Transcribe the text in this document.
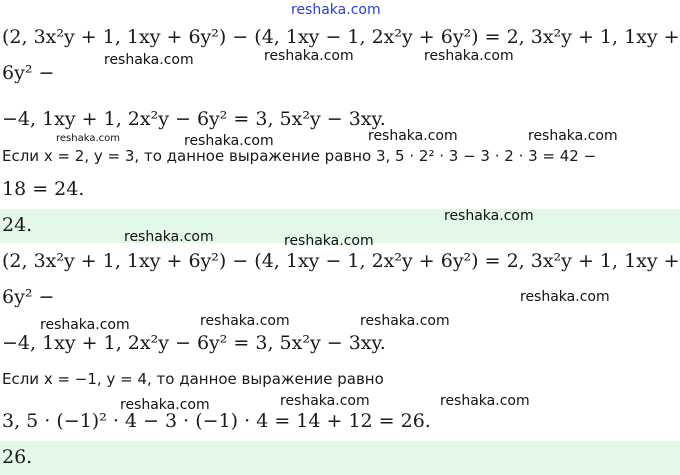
reshaka.com
(2, 3x²y + 1, 1xy + 6y²) − (4, 1xy − 1, 2x²y + 6y²) = 2, 3x²y + 1, 1xy +
6y² −
−4, 1xy + 1, 2x²y − 6y² = 3, 5x²y − 3xy.
Если x = 2, y = 3, то данное выражение равно 3, 5 · 2² · 3 − 3 · 2 · 3 = 42 −
18 = 24.
24.
(2, 3x²y + 1, 1xy + 6y²) − (4, 1xy − 1, 2x²y + 6y²) = 2, 3x²y + 1, 1xy +
6y² −
−4, 1xy + 1, 2x²y − 6y² = 3, 5x²y − 3xy.
Если x = −1, y = 4, то данное выражение равно
3, 5 · (−1)² · 4 − 3 · (−1) · 4 = 14 + 12 = 26.
26.
reshaka.com	reshaka.com	reshaka.com
reshaka.com	reshaka.com	reshaka.com	reshaka.com
reshaka.com
reshaka.com	reshaka.com
reshaka.com
reshaka.com	reshaka.com	reshaka.com
reshaka.com	reshaka.com	reshaka.com
